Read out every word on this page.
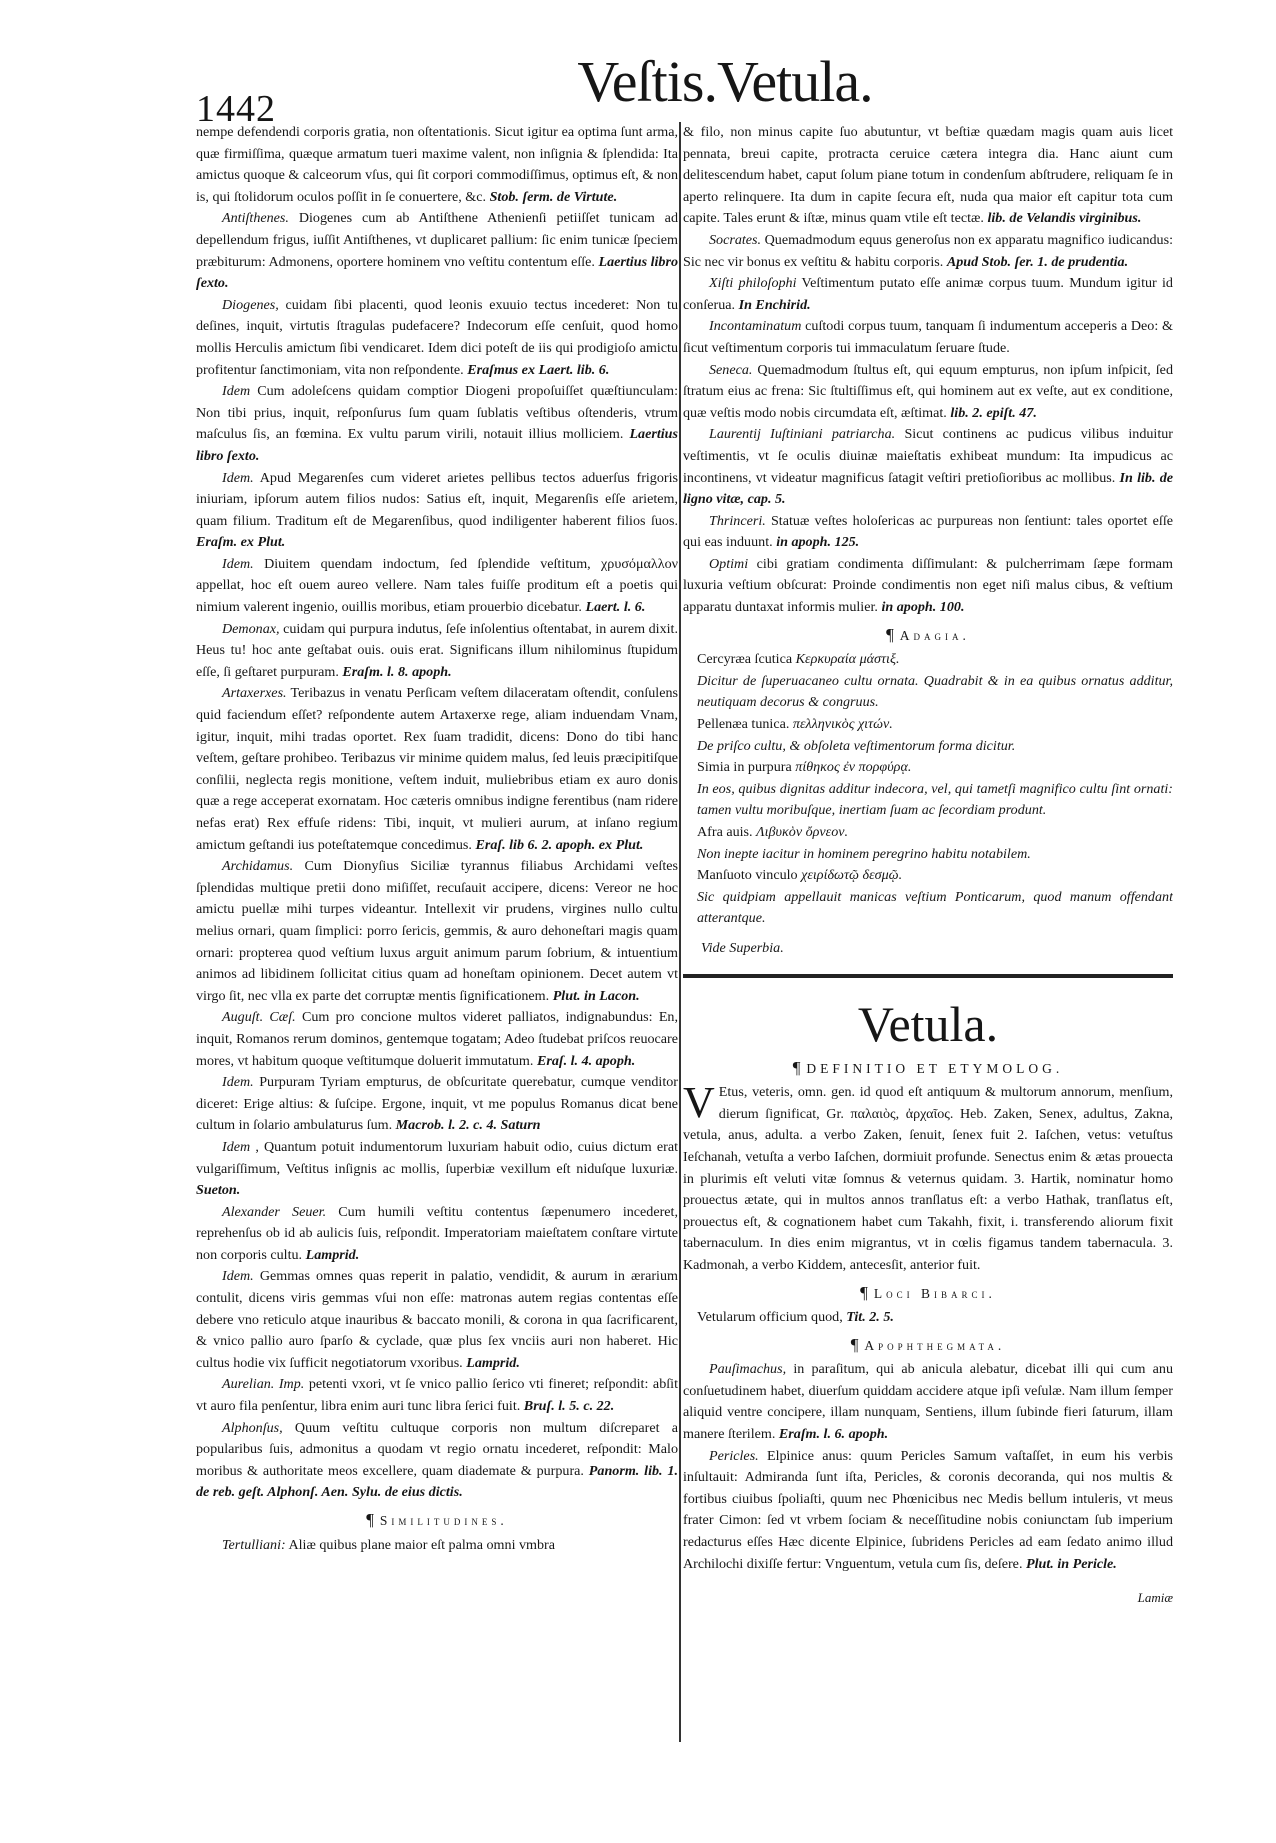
1442	Veſtis.Vetula.

nempe defendendi corporis gratia, non oſtentationis. Sicut igitur ea optima ſunt arma, quæ firmiſſima, quæque armatum tueri maxime valent, non inſignia & ſplendida: Ita amictus quoque & calceorum vſus, qui ſit corpori commodiſſimus, optimus eſt, & non is, qui ſtolidorum oculos poſſit in ſe conuertere, &c. Stob. ſerm. de Virtute.

Antiſthenes. Diogenes cum ab Antiſthene Athenienſi petiiſſet tunicam ad depellendum frigus, iuſſit Antiſthenes, vt duplicaret pallium: ſic enim tunicæ ſpeciem præbiturum: Admonens, oportere hominem vno veſtitu contentum eſſe. Laertius libro ſexto.

Diogenes, cuidam ſibi placenti, quod leonis exuuio tectus incederet: Non tu deſines, inquit, virtutis ſtragulas pudefacere? Indecorum eſſe cenſuit, quod homo mollis Herculis amictum ſibi vendicaret. Idem dici poteſt de iis qui prodigioſo amictu profitentur ſanctimoniam, vita non reſpondente. Eraſmus ex Laert. lib. 6.

Idem Cum adoleſcens quidam comptior Diogeni propoſuiſſet quæſtiunculam: Non tibi prius, inquit, reſponſurus ſum quam ſublatis veſtibus oſtenderis, vtrum maſculus ſis, an fœmina. Ex vultu parum virili, notauit illius molliciem. Laertius libro ſexto.

Idem. Apud Megarenſes cum videret arietes pellibus tectos aduerſus frigoris iniuriam, ipſorum autem filios nudos: Satius eſt, inquit, Megarenſis eſſe arietem, quam filium. Traditum eſt de Megarenſibus, quod indiligenter haberent filios ſuos. Eraſm. ex Plut.

Idem. Diuitem quendam indoctum, ſed ſplendide veſtitum, χρυσόμαλλον appellat, hoc eſt ouem aureo vellere. Nam tales fuiſſe proditum eſt a poetis qui nimium valerent ingenio, ouillis moribus, etiam prouerbio dicebatur. Laert. l. 6.

Demonax, cuidam qui purpura indutus, ſeſe inſolentius oſtentabat, in aurem dixit. Heus tu! hoc ante geſtabat ouis. ouis erat. Significans illum nihilominus ſtupidum eſſe, ſi geſtaret purpuram. Eraſm. l. 8. apoph.

Artaxerxes. Teribazus in venatu Perſicam veſtem dilaceratam oſtendit, conſulens quid faciendum eſſet? reſpondente autem Artaxerxe rege, aliam induendam Vnam, igitur, inquit, mihi tradas oportet. Rex ſuam tradidit, dicens: Dono do tibi hanc veſtem, geſtare prohibeo. Teribazus vir minime quidem malus, ſed leuis præcipitiſque conſilii, neglecta regis monitione, veſtem induit, muliebribus etiam ex auro donis quæ a rege acceperat exornatam. Hoc cæteris omnibus indigne ferentibus (nam ridere nefas erat) Rex effuſe ridens: Tibi, inquit, vt mulieri aurum, at inſano regium amictum geſtandi ius poteſtatemque concedimus. Eraſ. lib 6. 2. apoph. ex Plut.

Archidamus. Cum Dionyſius Siciliæ tyrannus filiabus Archidami veſtes ſplendidas multique pretii dono miſiſſet, recuſauit accipere, dicens: Vereor ne hoc amictu puellæ mihi turpes videantur. Intellexit vir prudens, virgines nullo cultu melius ornari, quam ſimplici: porro ſericis, gemmis, & auro dehoneſtari magis quam ornari: propterea quod veſtium luxus arguit animum parum ſobrium, & intuentium animos ad libidinem ſollicitat citius quam ad honeſtam opinionem. Decet autem vt virgo ſit, nec vlla ex parte det corruptæ mentis ſignificationem. Plut. in Lacon.

Auguſt. Cæſ. Cum pro concione multos videret palliatos, indignabundus: En, inquit, Romanos rerum dominos, gentemque togatam; Adeo ſtudebat priſcos reuocare mores, vt habitum quoque veſtitumque doluerit immutatum. Eraſ. l. 4. apoph.

Idem. Purpuram Tyriam empturus, de obſcuritate querebatur, cumque venditor diceret: Erige altius: & ſuſcipe. Ergone, inquit, vt me populus Romanus dicat bene cultum in ſolario ambulaturus ſum. Macrob. l. 2. c. 4. Saturn

Idem , Quantum potuit indumentorum luxuriam habuit odio, cuius dictum erat vulgariſſimum, Veſtitus inſignis ac mollis, ſuperbiæ vexillum eſt niduſque luxuriæ. Sueton.

Alexander Seuer. Cum humili veſtitu contentus ſæpenumero incederet, reprehenſus ob id ab aulicis ſuis, reſpondit. Imperatoriam maieſtatem conſtare virtute non corporis cultu. Lamprid.

Idem. Gemmas omnes quas reperit in palatio, vendidit, & aurum in ærarium contulit, dicens viris gemmas vſui non eſſe: matronas autem regias contentas eſſe debere vno reticulo atque inauribus & baccato monili, & corona in qua ſacrificarent, & vnico pallio auro ſparſo & cyclade, quæ plus ſex vnciis auri non haberet. Hic cultus hodie vix ſufficit negotiatorum vxoribus. Lamprid.

Aurelian. Imp. petenti vxori, vt ſe vnico pallio ſerico vti fineret; reſpondit: abſit vt auro fila penſentur, libra enim auri tunc libra ſerici fuit. Bruſ. l. 5. c. 22.

Alphonſus, Quum veſtitu cultuque corporis non multum diſcreparet a popularibus ſuis, admonitus a quodam vt regio ornatu incederet, reſpondit: Malo moribus & authoritate meos excellere, quam diademate & purpura. Panorm. lib. 1. de reb. geſt. Alphonſ. Aen. Sylu. de eius dictis.

¶ Similitudines.

Tertulliani: Aliæ quibus plane maior eſt palma omni vmbra

& filo, non minus capite ſuo abutuntur, vt beſtiæ quædam magis quam auis licet pennata, breui capite, protracta ceruice cætera integra dia. Hanc aiunt cum delitescendum habet, caput ſolum piane totum in condenſum abſtrudere, reliquam ſe in aperto relinquere. Ita dum in capite ſecura eſt, nuda qua maior eſt capitur tota cum capite. Tales erunt & iſtæ, minus quam vtile eſt tectæ. lib. de Velandis virginibus.

Socrates. Quemadmodum equus generoſus non ex apparatu magnifico iudicandus: Sic nec vir bonus ex veſtitu & habitu corporis. Apud Stob. ſer. 1. de prudentia.

Xiſti philoſophi Veſtimentum putato eſſe animæ corpus tuum. Mundum igitur id conſerua. In Enchirid.

Incontaminatum cuſtodi corpus tuum, tanquam ſi indumentum acceperis a Deo: & ſicut veſtimentum corporis tui immaculatum ſeruare ſtude.

Seneca. Quemadmodum ſtultus eſt, qui equum empturus, non ipſum inſpicit, ſed ſtratum eius ac frena: Sic ſtultiſſimus eſt, qui hominem aut ex veſte, aut ex conditione, quæ veſtis modo nobis circumdata eſt, æſtimat. lib. 2. epiſt. 47.

Laurentij Iuſtiniani patriarcha. Sicut continens ac pudicus vilibus induitur veſtimentis, vt ſe oculis diuinæ maieſtatis exhibeat mundum: Ita impudicus ac incontinens, vt videatur magnificus ſatagit veſtiri pretioſioribus ac mollibus. In lib. de ligno vitæ, cap. 5.

Thrinceri. Statuæ veſtes holoſericas ac purpureas non ſentiunt: tales oportet eſſe qui eas induunt. in apoph. 125.

Optimi cibi gratiam condimenta diſſimulant: & pulcherrimam ſæpe formam luxuria veſtium obſcurat: Proinde condimentis non eget niſi malus cibus, & veſtium apparatu duntaxat informis mulier. in apoph. 100.

¶ Adagia.

Cercyræa ſcutica Κερκυραία μάστιξ.

Dicitur de ſuperuacaneo cultu ornata. Quadrabit & in ea quibus ornatus additur, neutiquam decorus & congruus.

Pellenæa tunica. πελληνικὸς χιτών.

De priſco cultu, & obſoleta veſtimentorum forma dicitur.

Simia in purpura πίθηκος ἐν πορφύρᾳ.

In eos, quibus dignitas additur indecora, vel, qui tametſi magnifico cultu ſint ornati: tamen vultu moribuſque, inertiam ſuam ac ſecordiam produnt.

Afra auis. Λιβυκὸν ὄρνεον.

Non inepte iacitur in hominem peregrino habitu notabilem.

Manſuoto vinculo χειρίδωτῷ δεσμῷ.

Sic quidpiam appellauit manicas veſtium Ponticarum, quod manum offendant atterantque.

Vide Superbia.

Vetula.
¶ DEFINITIO ET ETYMOLOG.

V Etus, veteris, omn. gen. id quod eſt antiquum & multorum annorum, menſium, dierum ſignificat, Gr. παλαιὸς, ἀρχαῖος. Heb. Zaken, Senex, adultus, Zakna, vetula, anus, adulta. a verbo Zaken, ſenuit, ſenex fuit 2. Iaſchen, vetus: vetuſtus Ieſchanah, vetuſta a verbo Iaſchen, dormiuit profunde. Senectus enim & ætas prouecta in plurimis eſt veluti vitæ ſomnus & veternus quidam. 3. Hartik, nominatur homo prouectus ætate, qui in multos annos tranſlatus eſt: a verbo Hathak, tranſlatus eſt, prouectus eſt, & cognationem habet cum Takahh, fixit, i. transferendo aliorum fixit tabernaculum. In dies enim migrantus, vt in cœlis figamus tandem tabernacula. 3. Kadmonah, a verbo Kiddem, antecesſit, anterior fuit.

¶ Loci Bibarci.

Vetularum officium quod, Tit. 2. 5.

¶ Apophthegmata.

Pauſimachus, in paraſitum, qui ab anicula alebatur, dicebat illi qui cum anu conſuetudinem habet, diuerſum quiddam accidere atque ipſi veſulæ. Nam illum ſemper aliquid ventre concipere, illam nunquam, Sentiens, illum ſubinde fieri ſaturum, illam manere ſterilem. Eraſm. l. 6. apoph.

Pericles. Elpinice anus: quum Pericles Samum vaſtaſſet, in eum his verbis inſultauit: Admiranda ſunt iſta, Pericles, & coronis decoranda, qui nos multis & fortibus ciuibus ſpoliaſti, quum nec Phœnicibus nec Medis bellum intuleris, vt meus frater Cimon: ſed vt vrbem ſociam & neceſſitudine nobis coniunctam ſub imperium redacturus eſſes Hæc dicente Elpinice, ſubridens Pericles ad eam ſedato animo illud Archilochi dixiſſe fertur: Vnguentum, vetula cum ſis, deſere. Plut. in Pericle.

Lamiæ
